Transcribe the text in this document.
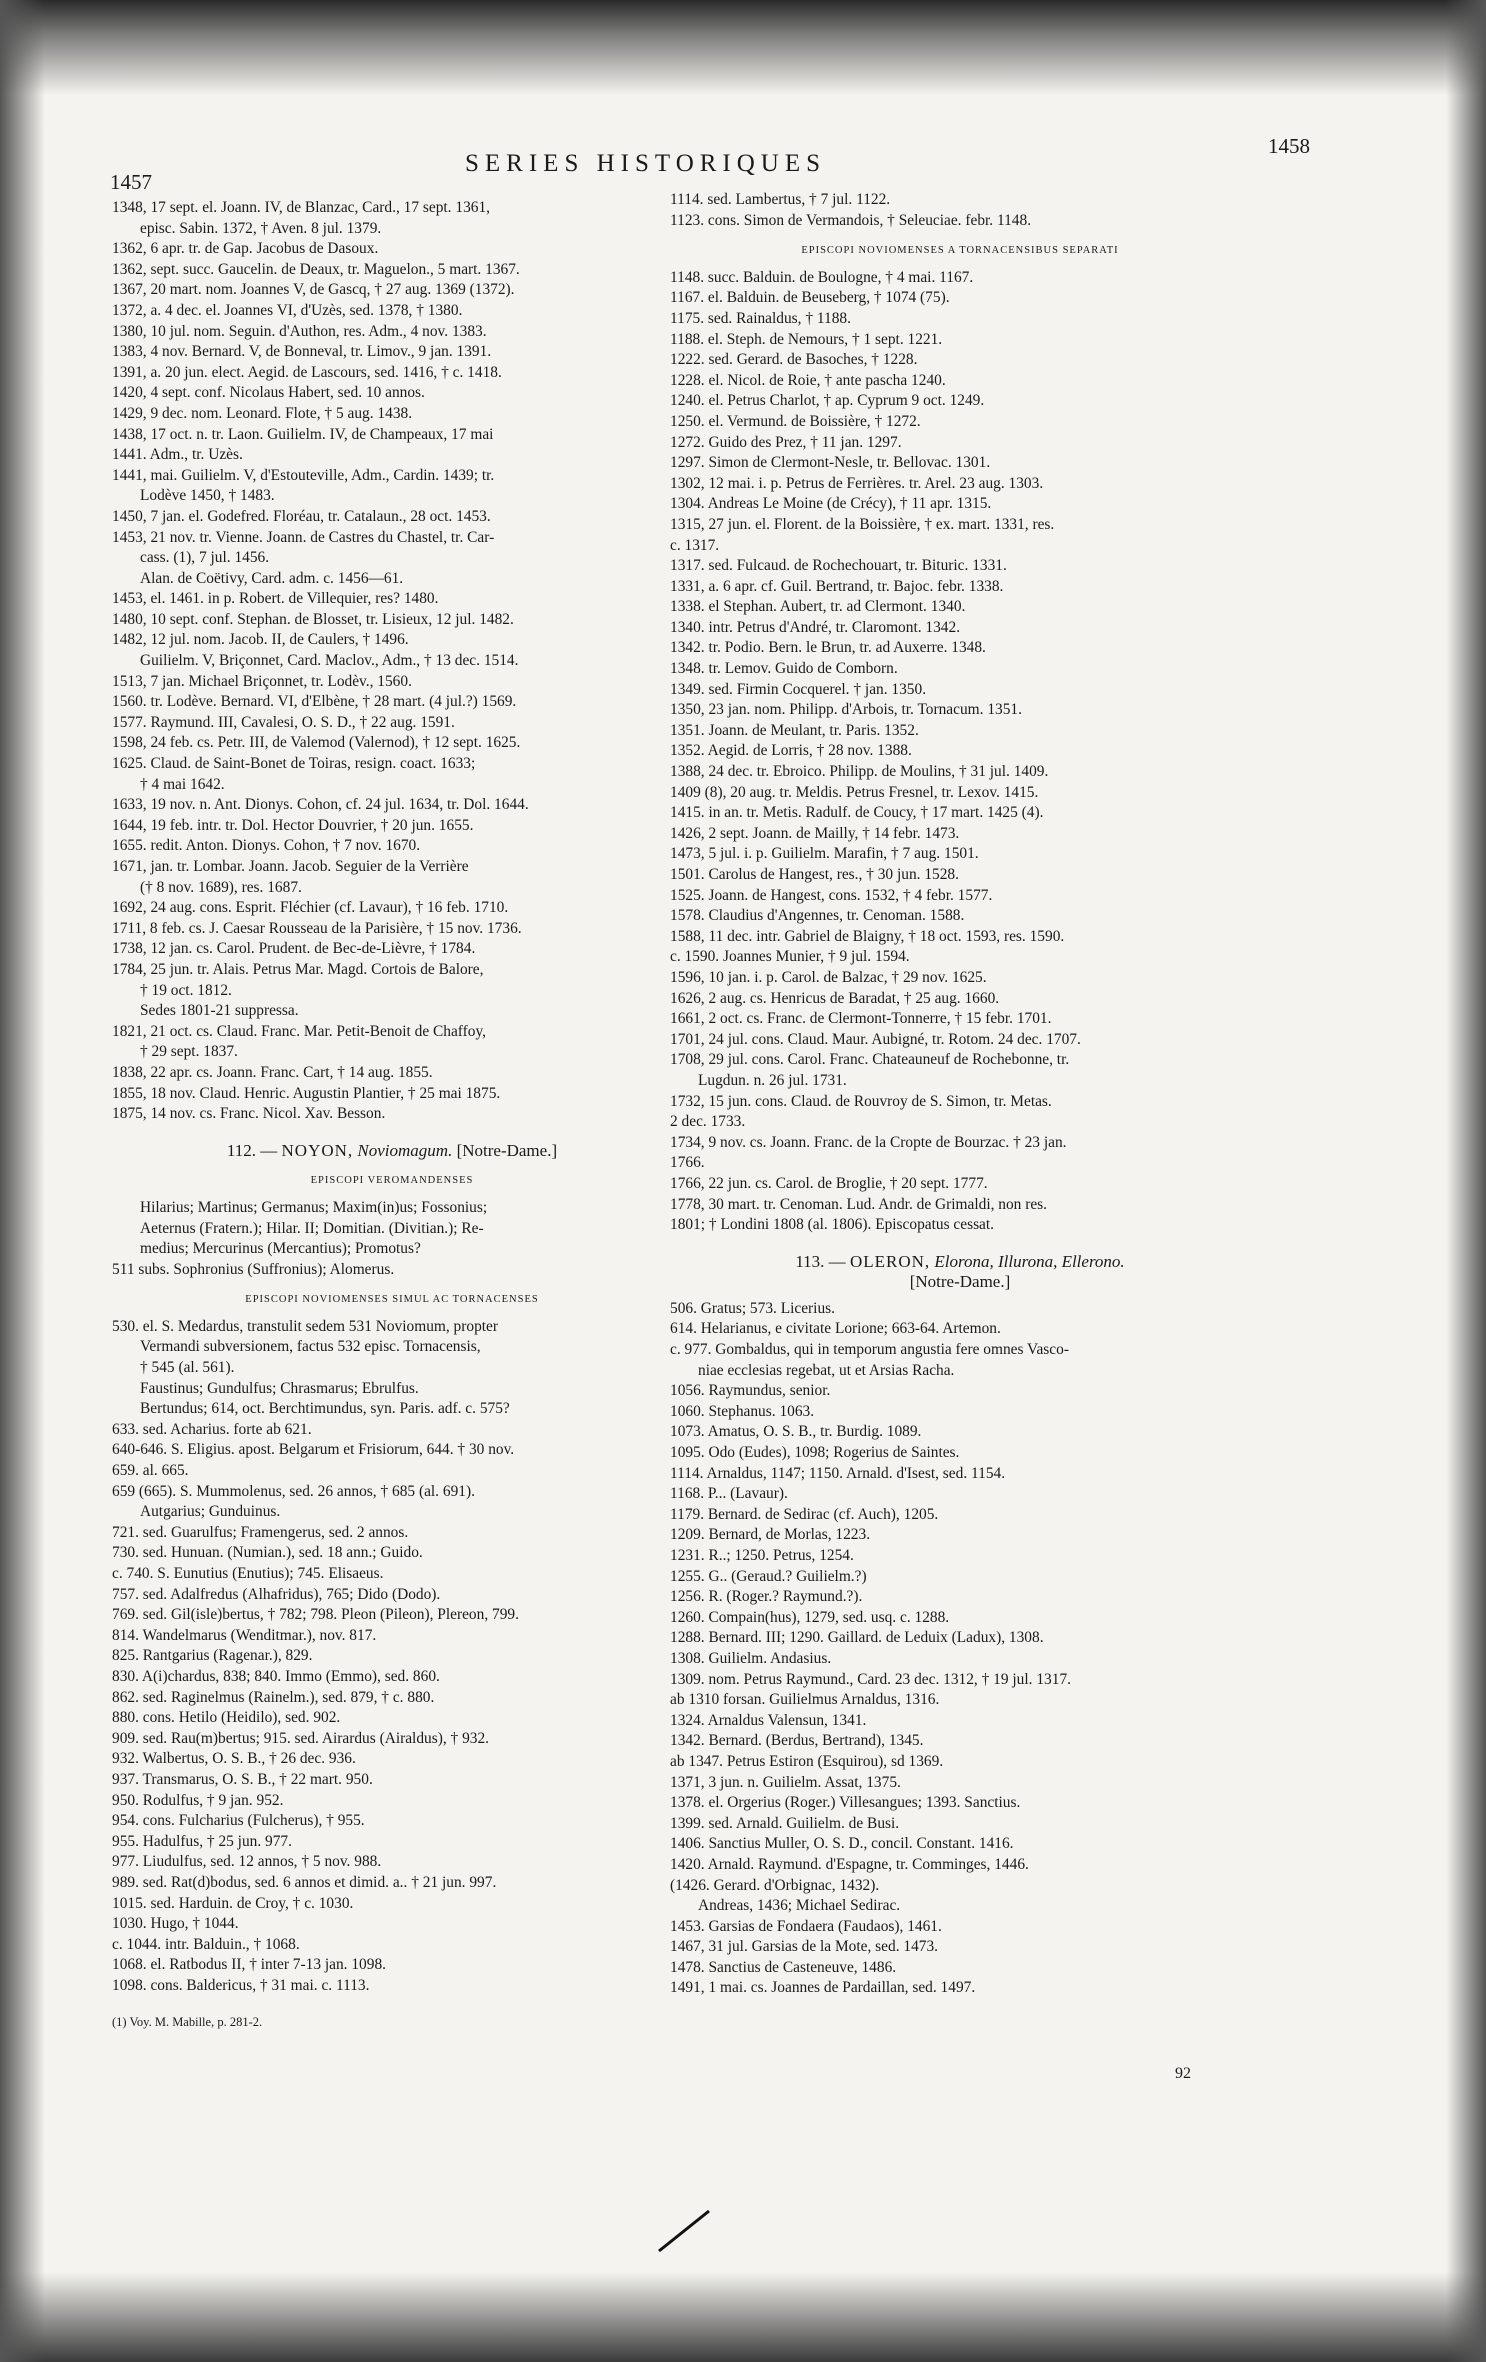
1457
SERIES HISTORIQUES
1458
1348, 17 sept. el. Joann. IV, de Blanzac, Card., 17 sept. 1361,
episc. Sabin. 1372, † Aven. 8 jul. 1379.
1362, 6 apr. tr. de Gap. Jacobus de Dasoux.
1362, sept. succ. Gaucelin. de Deaux, tr. Maguelon., 5 mart. 1367.
1367, 20 mart. nom. Joannes V, de Gascq, † 27 aug. 1369 (1372).
1372, a. 4 dec. el. Joannes VI, d'Uzès, sed. 1378, † 1380.
1380, 10 jul. nom. Seguin. d'Authon, res. Adm., 4 nov. 1383.
1383, 4 nov. Bernard. V, de Bonneval, tr. Limov., 9 jan. 1391.
1391, a. 20 jun. elect. Aegid. de Lascours, sed. 1416, † c. 1418.
1420, 4 sept. conf. Nicolaus Habert, sed. 10 annos.
1429, 9 dec. nom. Leonard. Flote, † 5 aug. 1438.
1438, 17 oct. n. tr. Laon. Guilielm. IV, de Champeaux, 17 mai
1441. Adm., tr. Uzès.
1441, mai. Guilielm. V, d'Estouteville, Adm., Cardin. 1439; tr.
Lodève 1450, † 1483.
1450, 7 jan. el. Godefred. Floréau, tr. Catalaun., 28 oct. 1453.
1453, 21 nov. tr. Vienne. Joann. de Castres du Chastel, tr. Car-
cass. (1), 7 jul. 1456.
Alan. de Coëtivy, Card. adm. c. 1456—61.
1453, el. 1461. in p. Robert. de Villequier, res? 1480.
1480, 10 sept. conf. Stephan. de Blosset, tr. Lisieux, 12 jul. 1482.
1482, 12 jul. nom. Jacob. II, de Caulers, † 1496.
Guilielm. V, Briçonnet, Card. Maclov., Adm., † 13 dec. 1514.
1513, 7 jan. Michael Briçonnet, tr. Lodèv., 1560.
1560. tr. Lodève. Bernard. VI, d'Elbène, † 28 mart. (4 jul.?) 1569.
1577. Raymund. III, Cavalesi, O. S. D., † 22 aug. 1591.
1598, 24 feb. cs. Petr. III, de Valemod (Valernod), † 12 sept. 1625.
1625. Claud. de Saint-Bonet de Toiras, resign. coact. 1633;
† 4 mai 1642.
1633, 19 nov. n. Ant. Dionys. Cohon, cf. 24 jul. 1634, tr. Dol. 1644.
1644, 19 feb. intr. tr. Dol. Hector Douvrier, † 20 jun. 1655.
1655. redit. Anton. Dionys. Cohon, † 7 nov. 1670.
1671, jan. tr. Lombar. Joann. Jacob. Seguier de la Verrière
(† 8 nov. 1689), res. 1687.
1692, 24 aug. cons. Esprit. Fléchier (cf. Lavaur), † 16 feb. 1710.
1711, 8 feb. cs. J. Caesar Rousseau de la Parisière, † 15 nov. 1736.
1738, 12 jan. cs. Carol. Prudent. de Bec-de-Lièvre, † 1784.
1784, 25 jun. tr. Alais. Petrus Mar. Magd. Cortois de Balore,
† 19 oct. 1812.
Sedes 1801-21 suppressa.
1821, 21 oct. cs. Claud. Franc. Mar. Petit-Benoit de Chaffoy,
† 29 sept. 1837.
1838, 22 apr. cs. Joann. Franc. Cart, † 14 aug. 1855.
1855, 18 nov. Claud. Henric. Augustin Plantier, † 25 mai 1875.
1875, 14 nov. cs. Franc. Nicol. Xav. Besson.
112. — NOYON, Noviomagum. [Notre-Dame.]
EPISCOPI VEROMANDENSES
Hilarius; Martinus; Germanus; Maxim(in)us; Fossonius;
Aeternus (Fratern.); Hilar. II; Domitian. (Divitian.); Re-
medius; Mercurinus (Mercantius); Promotus?
511 subs. Sophronius (Suffronius); Alomerus.
EPISCOPI NOVIOMENSES SIMUL AC TORNACENSES
530. el. S. Medardus, transtulit sedem 531 Noviomum, propter
Vermandi subversionem, factus 532 episc. Tornacensis,
† 545 (al. 561).
Faustinus; Gundulfus; Chrasmarus; Ebrulfus.
Bertundus; 614, oct. Berchtimundus, syn. Paris. adf. c. 575?
633. sed. Acharius. forte ab 621.
640-646. S. Eligius. apost. Belgarum et Frisiorum, 644. † 30 nov.
659. al. 665.
659 (665). S. Mummolenus, sed. 26 annos, † 685 (al. 691).
Autgarius; Gunduinus.
721. sed. Guarulfus; Framengerus, sed. 2 annos.
730. sed. Hunuan. (Numian.), sed. 18 ann.; Guido.
c. 740. S. Eunutius (Enutius); 745. Elisaeus.
757. sed. Adalfredus (Alhafridus), 765; Dido (Dodo).
769. sed. Gil(isle)bertus, † 782; 798. Pleon (Pileon), Plereon, 799.
814. Wandelmarus (Wenditmar.), nov. 817.
825. Rantgarius (Ragenar.), 829.
830. A(i)chardus, 838; 840. Immo (Emmo), sed. 860.
862. sed. Raginelmus (Rainelm.), sed. 879, † c. 880.
880. cons. Hetilo (Heidilo), sed. 902.
909. sed. Rau(m)bertus; 915. sed. Airardus (Airaldus), † 932.
932. Walbertus, O. S. B., † 26 dec. 936.
937. Transmarus, O. S. B., † 22 mart. 950.
950. Rodulfus, † 9 jan. 952.
954. cons. Fulcharius (Fulcherus), † 955.
955. Hadulfus, † 25 jun. 977.
977. Liudulfus, sed. 12 annos, † 5 nov. 988.
989. sed. Rat(d)bodus, sed. 6 annos et dimid. a.. † 21 jun. 997.
1015. sed. Harduin. de Croy, † c. 1030.
1030. Hugo, † 1044.
c. 1044. intr. Balduin., † 1068.
1068. el. Ratbodus II, † inter 7-13 jan. 1098.
1098. cons. Baldericus, † 31 mai. c. 1113.
(1) Voy. M. Mabille, p. 281-2.
1114. sed. Lambertus, † 7 jul. 1122.
1123. cons. Simon de Vermandois, † Seleuciae. febr. 1148.
EPISCOPI NOVIOMENSES A TORNACENSIBUS SEPARATI
1148. succ. Balduin. de Boulogne, † 4 mai. 1167.
1167. el. Balduin. de Beuseberg, † 1074 (75).
1175. sed. Rainaldus, † 1188.
1188. el. Steph. de Nemours, † 1 sept. 1221.
1222. sed. Gerard. de Basoches, † 1228.
1228. el. Nicol. de Roie, † ante pascha 1240.
1240. el. Petrus Charlot, † ap. Cyprum 9 oct. 1249.
1250. el. Vermund. de Boissière, † 1272.
1272. Guido des Prez, † 11 jan. 1297.
1297. Simon de Clermont-Nesle, tr. Bellovac. 1301.
1302, 12 mai. i. p. Petrus de Ferrières. tr. Arel. 23 aug. 1303.
1304. Andreas Le Moine (de Crécy), † 11 apr. 1315.
1315, 27 jun. el. Florent. de la Boissière, † ex. mart. 1331, res.
c. 1317.
1317. sed. Fulcaud. de Rochechouart, tr. Bituric. 1331.
1331, a. 6 apr. cf. Guil. Bertrand, tr. Bajoc. febr. 1338.
1338. el Stephan. Aubert, tr. ad Clermont. 1340.
1340. intr. Petrus d'André, tr. Claromont. 1342.
1342. tr. Podio. Bern. le Brun, tr. ad Auxerre. 1348.
1348. tr. Lemov. Guido de Comborn.
1349. sed. Firmin Cocquerel. † jan. 1350.
1350, 23 jan. nom. Philipp. d'Arbois, tr. Tornacum. 1351.
1351. Joann. de Meulant, tr. Paris. 1352.
1352. Aegid. de Lorris, † 28 nov. 1388.
1388, 24 dec. tr. Ebroico. Philipp. de Moulins, † 31 jul. 1409.
1409 (8), 20 aug. tr. Meldis. Petrus Fresnel, tr. Lexov. 1415.
1415. in an. tr. Metis. Radulf. de Coucy, † 17 mart. 1425 (4).
1426, 2 sept. Joann. de Mailly, † 14 febr. 1473.
1473, 5 jul. i. p. Guilielm. Marafin, † 7 aug. 1501.
1501. Carolus de Hangest, res., † 30 jun. 1528.
1525. Joann. de Hangest, cons. 1532, † 4 febr. 1577.
1578. Claudius d'Angennes, tr. Cenoman. 1588.
1588, 11 dec. intr. Gabriel de Blaigny, † 18 oct. 1593, res. 1590.
c. 1590. Joannes Munier, † 9 jul. 1594.
1596, 10 jan. i. p. Carol. de Balzac, † 29 nov. 1625.
1626, 2 aug. cs. Henricus de Baradat, † 25 aug. 1660.
1661, 2 oct. cs. Franc. de Clermont-Tonnerre, † 15 febr. 1701.
1701, 24 jul. cons. Claud. Maur. Aubigné, tr. Rotom. 24 dec. 1707.
1708, 29 jul. cons. Carol. Franc. Chateauneuf de Rochebonne, tr.
Lugdun. n. 26 jul. 1731.
1732, 15 jun. cons. Claud. de Rouvroy de S. Simon, tr. Metas.
2 dec. 1733.
1734, 9 nov. cs. Joann. Franc. de la Cropte de Bourzac. † 23 jan.
1766.
1766, 22 jun. cs. Carol. de Broglie, † 20 sept. 1777.
1778, 30 mart. tr. Cenoman. Lud. Andr. de Grimaldi, non res.
1801; † Londini 1808 (al. 1806). Episcopatus cessat.
113. — OLERON, Elorona, Illurona, Ellerono.
[Notre-Dame.]
506. Gratus; 573. Licerius.
614. Helarianus, e civitate Lorione; 663-64. Artemon.
c. 977. Gombaldus, qui in temporum angustia fere omnes Vasco-
niae ecclesias regebat, ut et Arsias Racha.
1056. Raymundus, senior.
1060. Stephanus. 1063.
1073. Amatus, O. S. B., tr. Burdig. 1089.
1095. Odo (Eudes), 1098; Rogerius de Saintes.
1114. Arnaldus, 1147; 1150. Arnald. d'Isest, sed. 1154.
1168. P... (Lavaur).
1179. Bernard. de Sedirac (cf. Auch), 1205.
1209. Bernard, de Morlas, 1223.
1231. R..; 1250. Petrus, 1254.
1255. G.. (Geraud.? Guilielm.?)
1256. R. (Roger.? Raymund.?).
1260. Compain(hus), 1279, sed. usq. c. 1288.
1288. Bernard. III; 1290. Gaillard. de Leduix (Ladux), 1308.
1308. Guilielm. Andasius.
1309. nom. Petrus Raymund., Card. 23 dec. 1312, † 19 jul. 1317.
ab 1310 forsan. Guilielmus Arnaldus, 1316.
1324. Arnaldus Valensun, 1341.
1342. Bernard. (Berdus, Bertrand), 1345.
ab 1347. Petrus Estiron (Esquirou), sd 1369.
1371, 3 jun. n. Guilielm. Assat, 1375.
1378. el. Orgerius (Roger.) Villesangues; 1393. Sanctius.
1399. sed. Arnald. Guilielm. de Busi.
1406. Sanctius Muller, O. S. D., concil. Constant. 1416.
1420. Arnald. Raymund. d'Espagne, tr. Comminges, 1446.
(1426. Gerard. d'Orbignac, 1432).
Andreas, 1436; Michael Sedirac.
1453. Garsias de Fondaera (Faudaos), 1461.
1467, 31 jul. Garsias de la Mote, sed. 1473.
1478. Sanctius de Casteneuve, 1486.
1491, 1 mai. cs. Joannes de Pardaillan, sed. 1497.
92
